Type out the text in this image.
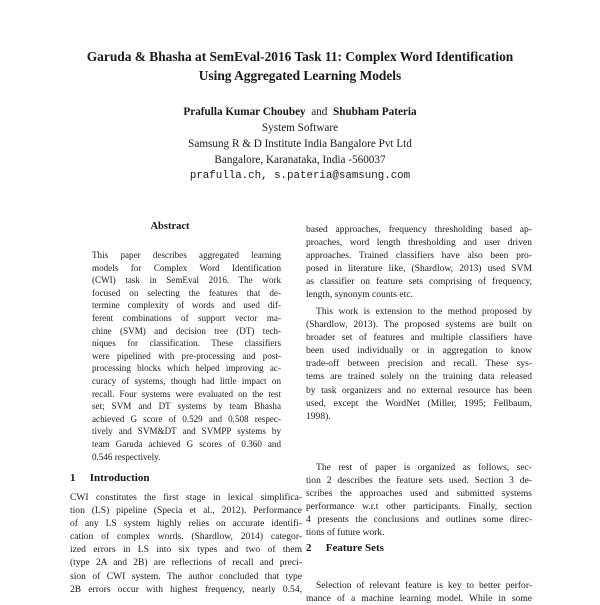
Garuda & Bhasha at SemEval-2016 Task 11: Complex Word Identification
Using Aggregated Learning Models
Prafulla Kumar Choubey and Shubham Pateria
System Software
Samsung R & D Institute India Bangalore Pvt Ltd
Bangalore, Karanataka, India -560037
prafulla.ch, s.pateria@samsung.com
Abstract
This paper describes aggregated learning
models for Complex Word Identification
(CWI) task in SemEval 2016. The work
focused on selecting the features that de-
termine complexity of words and used dif-
ferent combinations of support vector ma-
chine (SVM) and decision tree (DT) tech-
niques for classification. These classifiers
were pipelined with pre-processing and post-
processing blocks which helped improving ac-
curacy of systems, though had little impact on
recall. Four systems were evaluated on the test
set; SVM and DT systems by team Bhasha
achieved G score of 0.529 and 0.508 respec-
tively and SVM&DT and SVMPP systems by
team Garuda achieved G scores of 0.360 and
0.546 respectively.
1 Introduction
CWI constitutes the first stage in lexical simplifica-
tion (LS) pipeline (Specia et al., 2012). Performance
of any LS system highly relies on accurate identifi-
cation of complex words. (Shardlow, 2014) categor-
ized errors in LS into six types and two of them
(type 2A and 2B) are reflections of recall and preci-
sion of CWI system. The author concluded that type
2B errors occur with highest frequency, nearly 0.54,
based approaches, frequency thresholding based ap-
proaches, word length thresholding and user driven
approaches. Trained classifiers have also been pro-
posed in literature like, (Shardlow, 2013) used SVM
as classifier on feature sets comprising of frequency,
length, synonym counts etc.
This work is extension to the method proposed by
(Shardlow, 2013). The proposed systems are built on
broader set of features and multiple classifiers have
been used individually or in aggregation to know
trade-off between precision and recall. These sys-
tems are trained solely on the training data released
by task organizers and no external resource has been
used, except the WordNet (Miller, 1995; Fellbaum,
1998).
The rest of paper is organized as follows, sec-
tion 2 describes the feature sets used. Section 3 de-
scribes the approaches used and submitted systems
performance w.r.t other participants. Finally, section
4 presents the conclusions and outlines some direc-
tions of future work.
2 Feature Sets
Selection of relevant feature is key to better perfor-
mance of a machine learning model. While in some
